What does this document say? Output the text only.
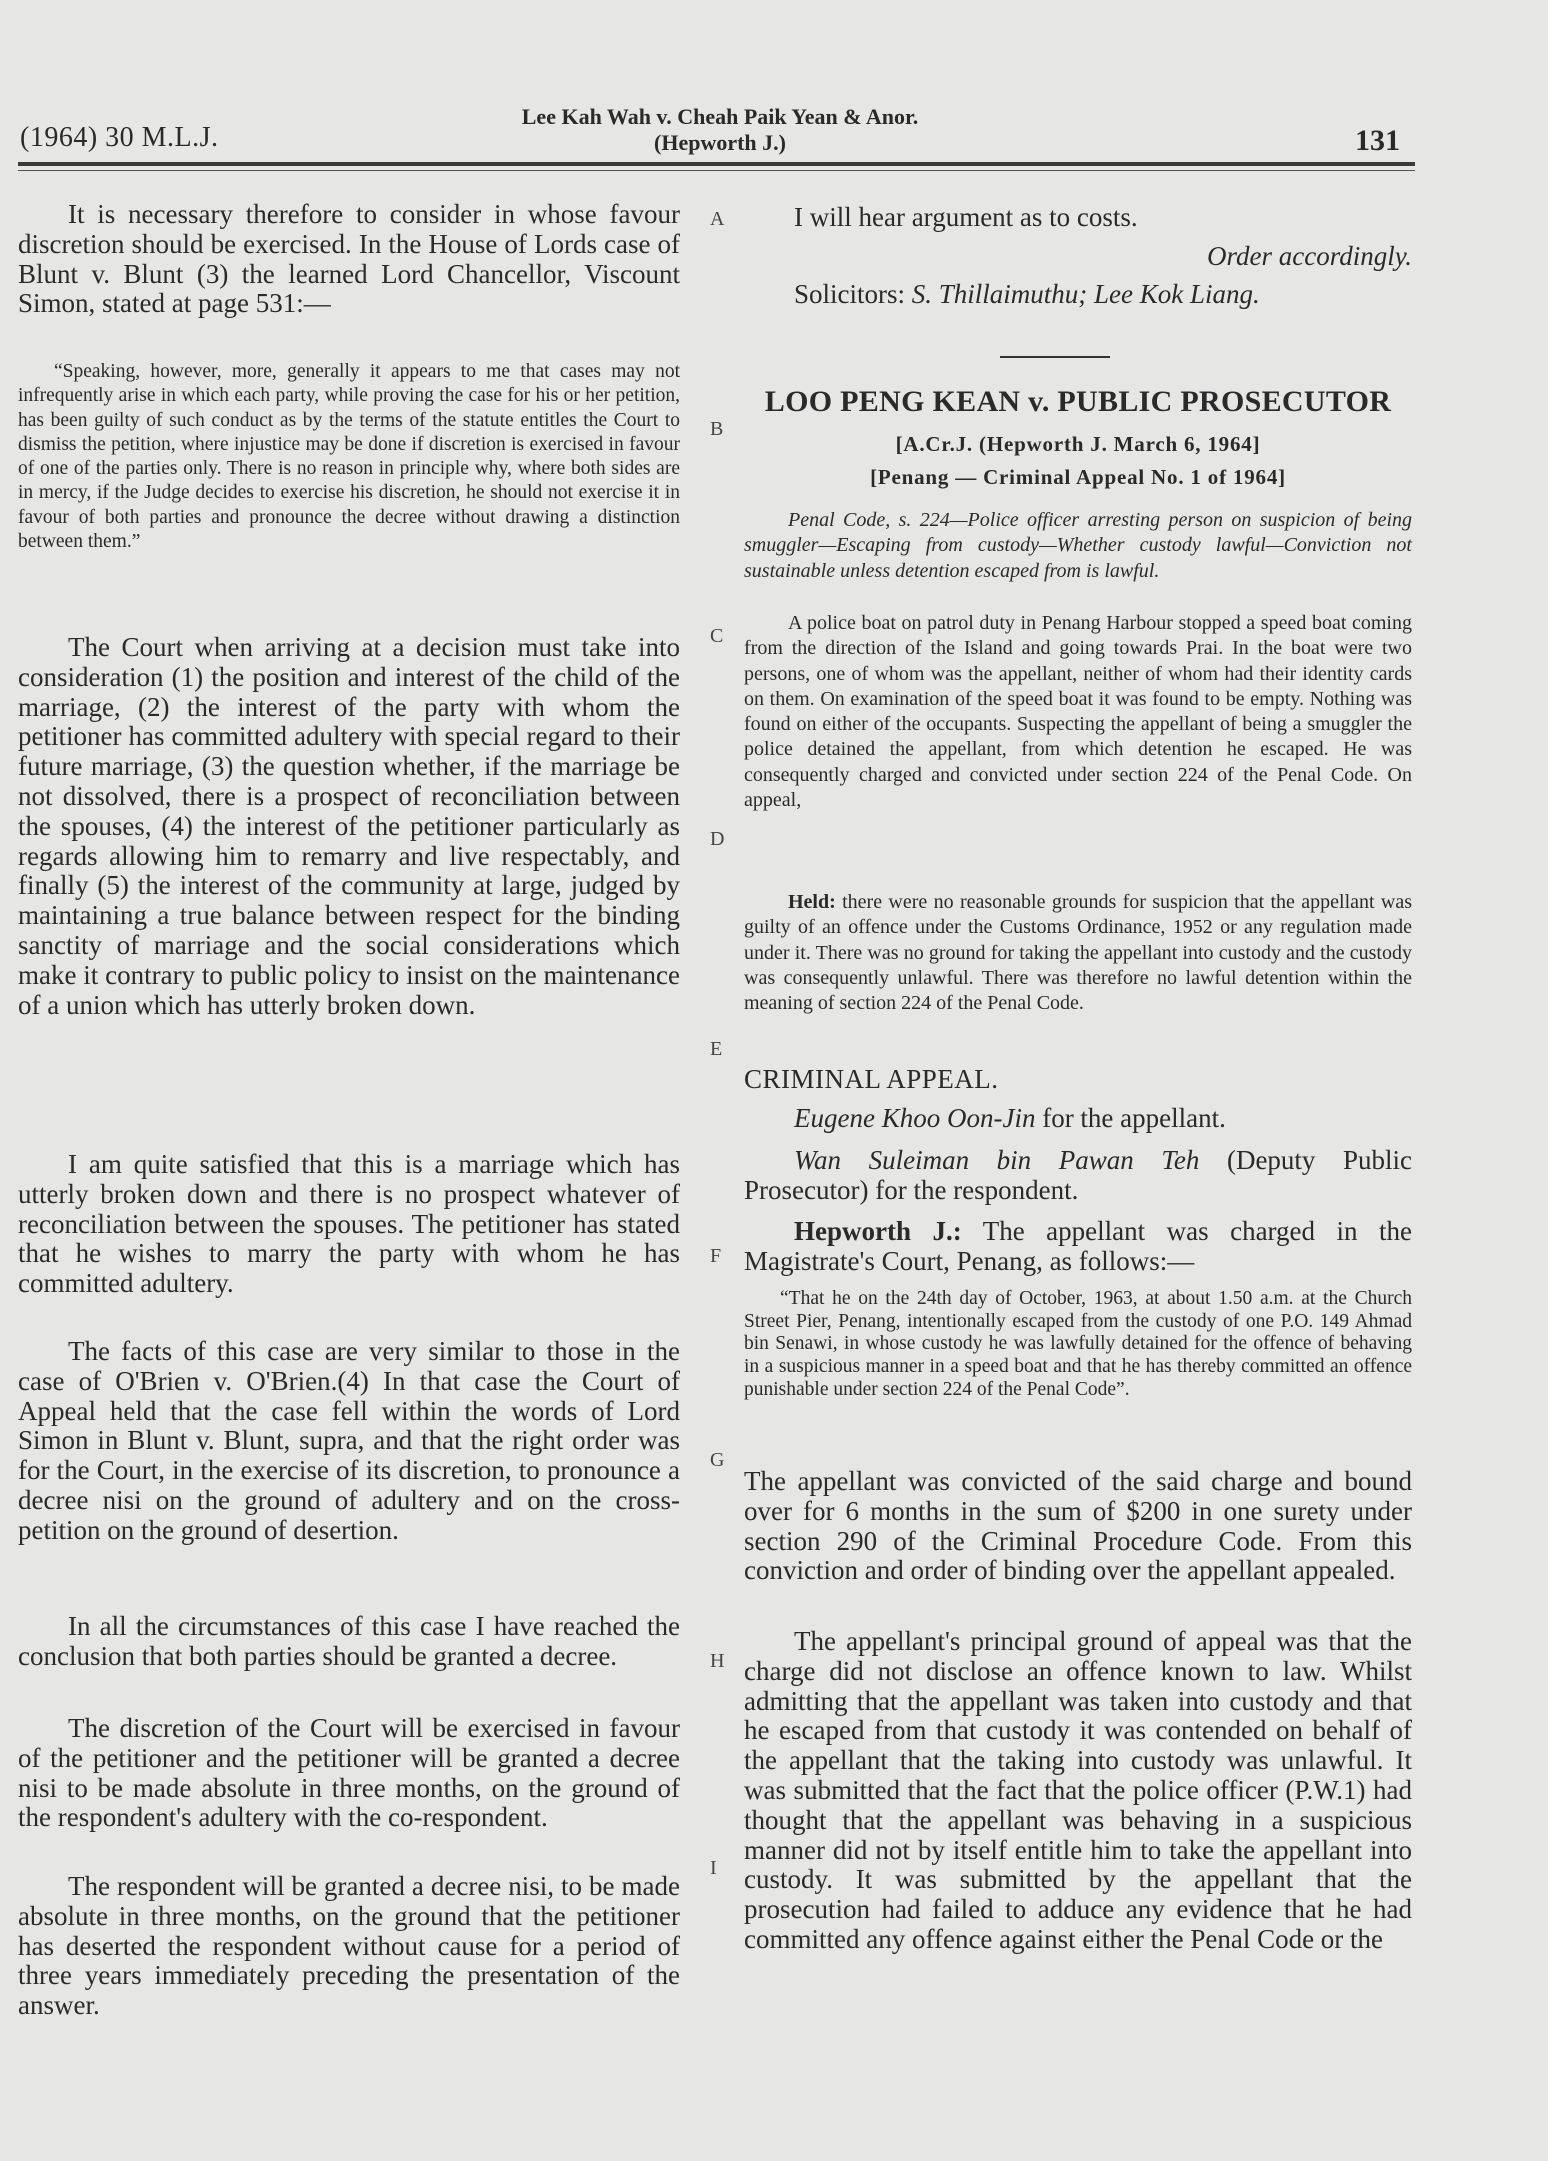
(1964) 30 M.L.J.
Lee Kah Wah v. Cheah Paik Yean & Anor.
(Hepworth J.)	131
A
B
C
D
E
F
G
H
I

It is necessary therefore to consider in whose favour discretion should be exercised. In the House of Lords case of Blunt v. Blunt (3) the learned Lord Chancellor, Viscount Simon, stated at page 531:—

“Speaking, however, more, generally it appears to me that cases may not infrequently arise in which each party, while proving the case for his or her petition, has been guilty of such conduct as by the terms of the statute entitles the Court to dismiss the petition, where injustice may be done if discretion is exercised in favour of one of the parties only. There is no reason in principle why, where both sides are in mercy, if the Judge decides to exercise his discretion, he should not exercise it in favour of both parties and pronounce the decree without drawing a distinction between them.”

The Court when arriving at a decision must take into consideration (1) the position and interest of the child of the marriage, (2) the interest of the party with whom the petitioner has committed adultery with special regard to their future marriage, (3) the question whether, if the marriage be not dissolved, there is a prospect of reconciliation between the spouses, (4) the interest of the petitioner particularly as regards allowing him to remarry and live respectably, and finally (5) the interest of the community at large, judged by maintaining a true balance between respect for the binding sanctity of marriage and the social considerations which make it contrary to public policy to insist on the maintenance of a union which has utterly broken down.

I am quite satisfied that this is a marriage which has utterly broken down and there is no prospect whatever of reconciliation between the spouses. The petitioner has stated that he wishes to marry the party with whom he has committed adultery.

The facts of this case are very similar to those in the case of O'Brien v. O'Brien.(4) In that case the Court of Appeal held that the case fell within the words of Lord Simon in Blunt v. Blunt, supra, and that the right order was for the Court, in the exercise of its discretion, to pronounce a decree nisi on the ground of adultery and on the cross-petition on the ground of desertion.

In all the circumstances of this case I have reached the conclusion that both parties should be granted a decree.

The discretion of the Court will be exercised in favour of the petitioner and the petitioner will be granted a decree nisi to be made absolute in three months, on the ground of the respondent's adultery with the co-respondent.

The respondent will be granted a decree nisi, to be made absolute in three months, on the ground that the petitioner has deserted the respondent without cause for a period of three years immediately preceding the presentation of the answer.

I will hear argument as to costs.

Order accordingly.

Solicitors: S. Thillaimuthu; Lee Kok Liang.
LOO PENG KEAN v. PUBLIC PROSECUTOR
[A.Cr.J. (Hepworth J. March 6, 1964]
[Penang — Criminal Appeal No. 1 of 1964]

Penal Code, s. 224—Police officer arresting person on suspicion of being smuggler—Escaping from custody—Whether custody lawful—Conviction not sustainable unless detention escaped from is lawful.

A police boat on patrol duty in Penang Harbour stopped a speed boat coming from the direction of the Island and going towards Prai. In the boat were two persons, one of whom was the appellant, neither of whom had their identity cards on them. On examination of the speed boat it was found to be empty. Nothing was found on either of the occupants. Suspecting the appellant of being a smuggler the police detained the appellant, from which detention he escaped. He was consequently charged and convicted under section 224 of the Penal Code. On appeal,

Held: there were no reasonable grounds for suspicion that the appellant was guilty of an offence under the Customs Ordinance, 1952 or any regulation made under it. There was no ground for taking the appellant into custody and the custody was consequently unlawful. There was therefore no lawful detention within the meaning of section 224 of the Penal Code.

CRIMINAL APPEAL.

Eugene Khoo Oon-Jin for the appellant.

Wan Suleiman bin Pawan Teh (Deputy Public Prosecutor) for the respondent.

Hepworth J.: The appellant was charged in the Magistrate's Court, Penang, as follows:—

“That he on the 24th day of October, 1963, at about 1.50 a.m. at the Church Street Pier, Penang, intentionally escaped from the custody of one P.O. 149 Ahmad bin Senawi, in whose custody he was lawfully detained for the offence of behaving in a suspicious manner in a speed boat and that he has thereby committed an offence punishable under section 224 of the Penal Code”.

The appellant was convicted of the said charge and bound over for 6 months in the sum of $200 in one surety under section 290 of the Criminal Procedure Code. From this conviction and order of binding over the appellant appealed.

The appellant's principal ground of appeal was that the charge did not disclose an offence known to law. Whilst admitting that the appellant was taken into custody and that he escaped from that custody it was contended on behalf of the appellant that the taking into custody was unlawful. It was submitted that the fact that the police officer (P.W.1) had thought that the appellant was behaving in a suspicious manner did not by itself entitle him to take the appellant into custody. It was submitted by the appellant that the prosecution had failed to adduce any evidence that he had committed any offence against either the Penal Code or the
